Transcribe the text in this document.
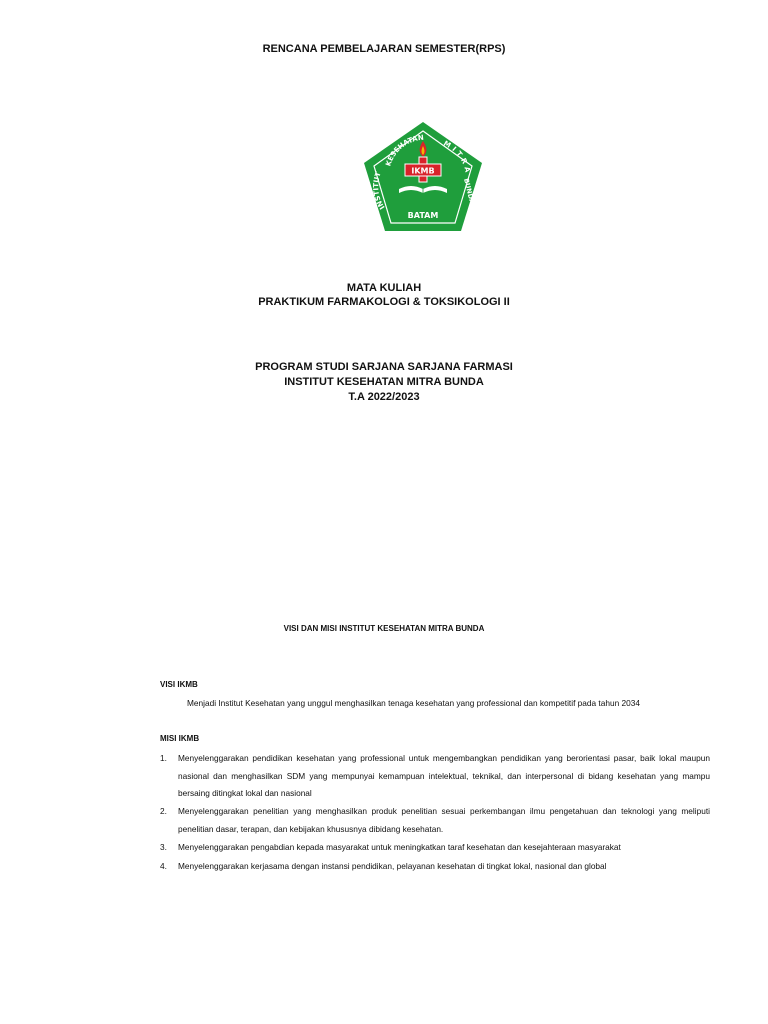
RENCANA PEMBELAJARAN SEMESTER(RPS)
KESEHATAN
MITRA
INSTITUT
BUNDA
IKMB
BATAM
MATA KULIAH
PRAKTIKUM FARMAKOLOGI & TOKSIKOLOGI II
PROGRAM STUDI SARJANA SARJANA FARMASI
INSTITUT KESEHATAN MITRA BUNDA
T.A 2022/2023
VISI DAN MISI INSTITUT KESEHATAN MITRA BUNDA
VISI IKMB
Menjadi Institut Kesehatan yang unggul menghasilkan tenaga kesehatan yang professional dan kompetitif pada tahun 2034
MISI IKMB
1. Menyelenggarakan pendidikan kesehatan yang professional untuk mengembangkan pendidikan yang berorientasi pasar, baik lokal maupun nasional dan menghasilkan SDM yang mempunyai kemampuan intelektual, teknikal, dan interpersonal di bidang kesehatan yang mampu bersaing ditingkat lokal dan nasional
2. Menyelenggarakan penelitian yang menghasilkan produk penelitian sesuai perkembangan ilmu pengetahuan dan teknologi yang meliputi penelitian dasar, terapan, dan kebijakan khususnya dibidang kesehatan.
3. Menyelenggarakan pengabdian kepada masyarakat untuk meningkatkan taraf kesehatan dan kesejahteraan masyarakat
4. Menyelenggarakan kerjasama dengan instansi pendidikan, pelayanan kesehatan di tingkat lokal, nasional dan global
